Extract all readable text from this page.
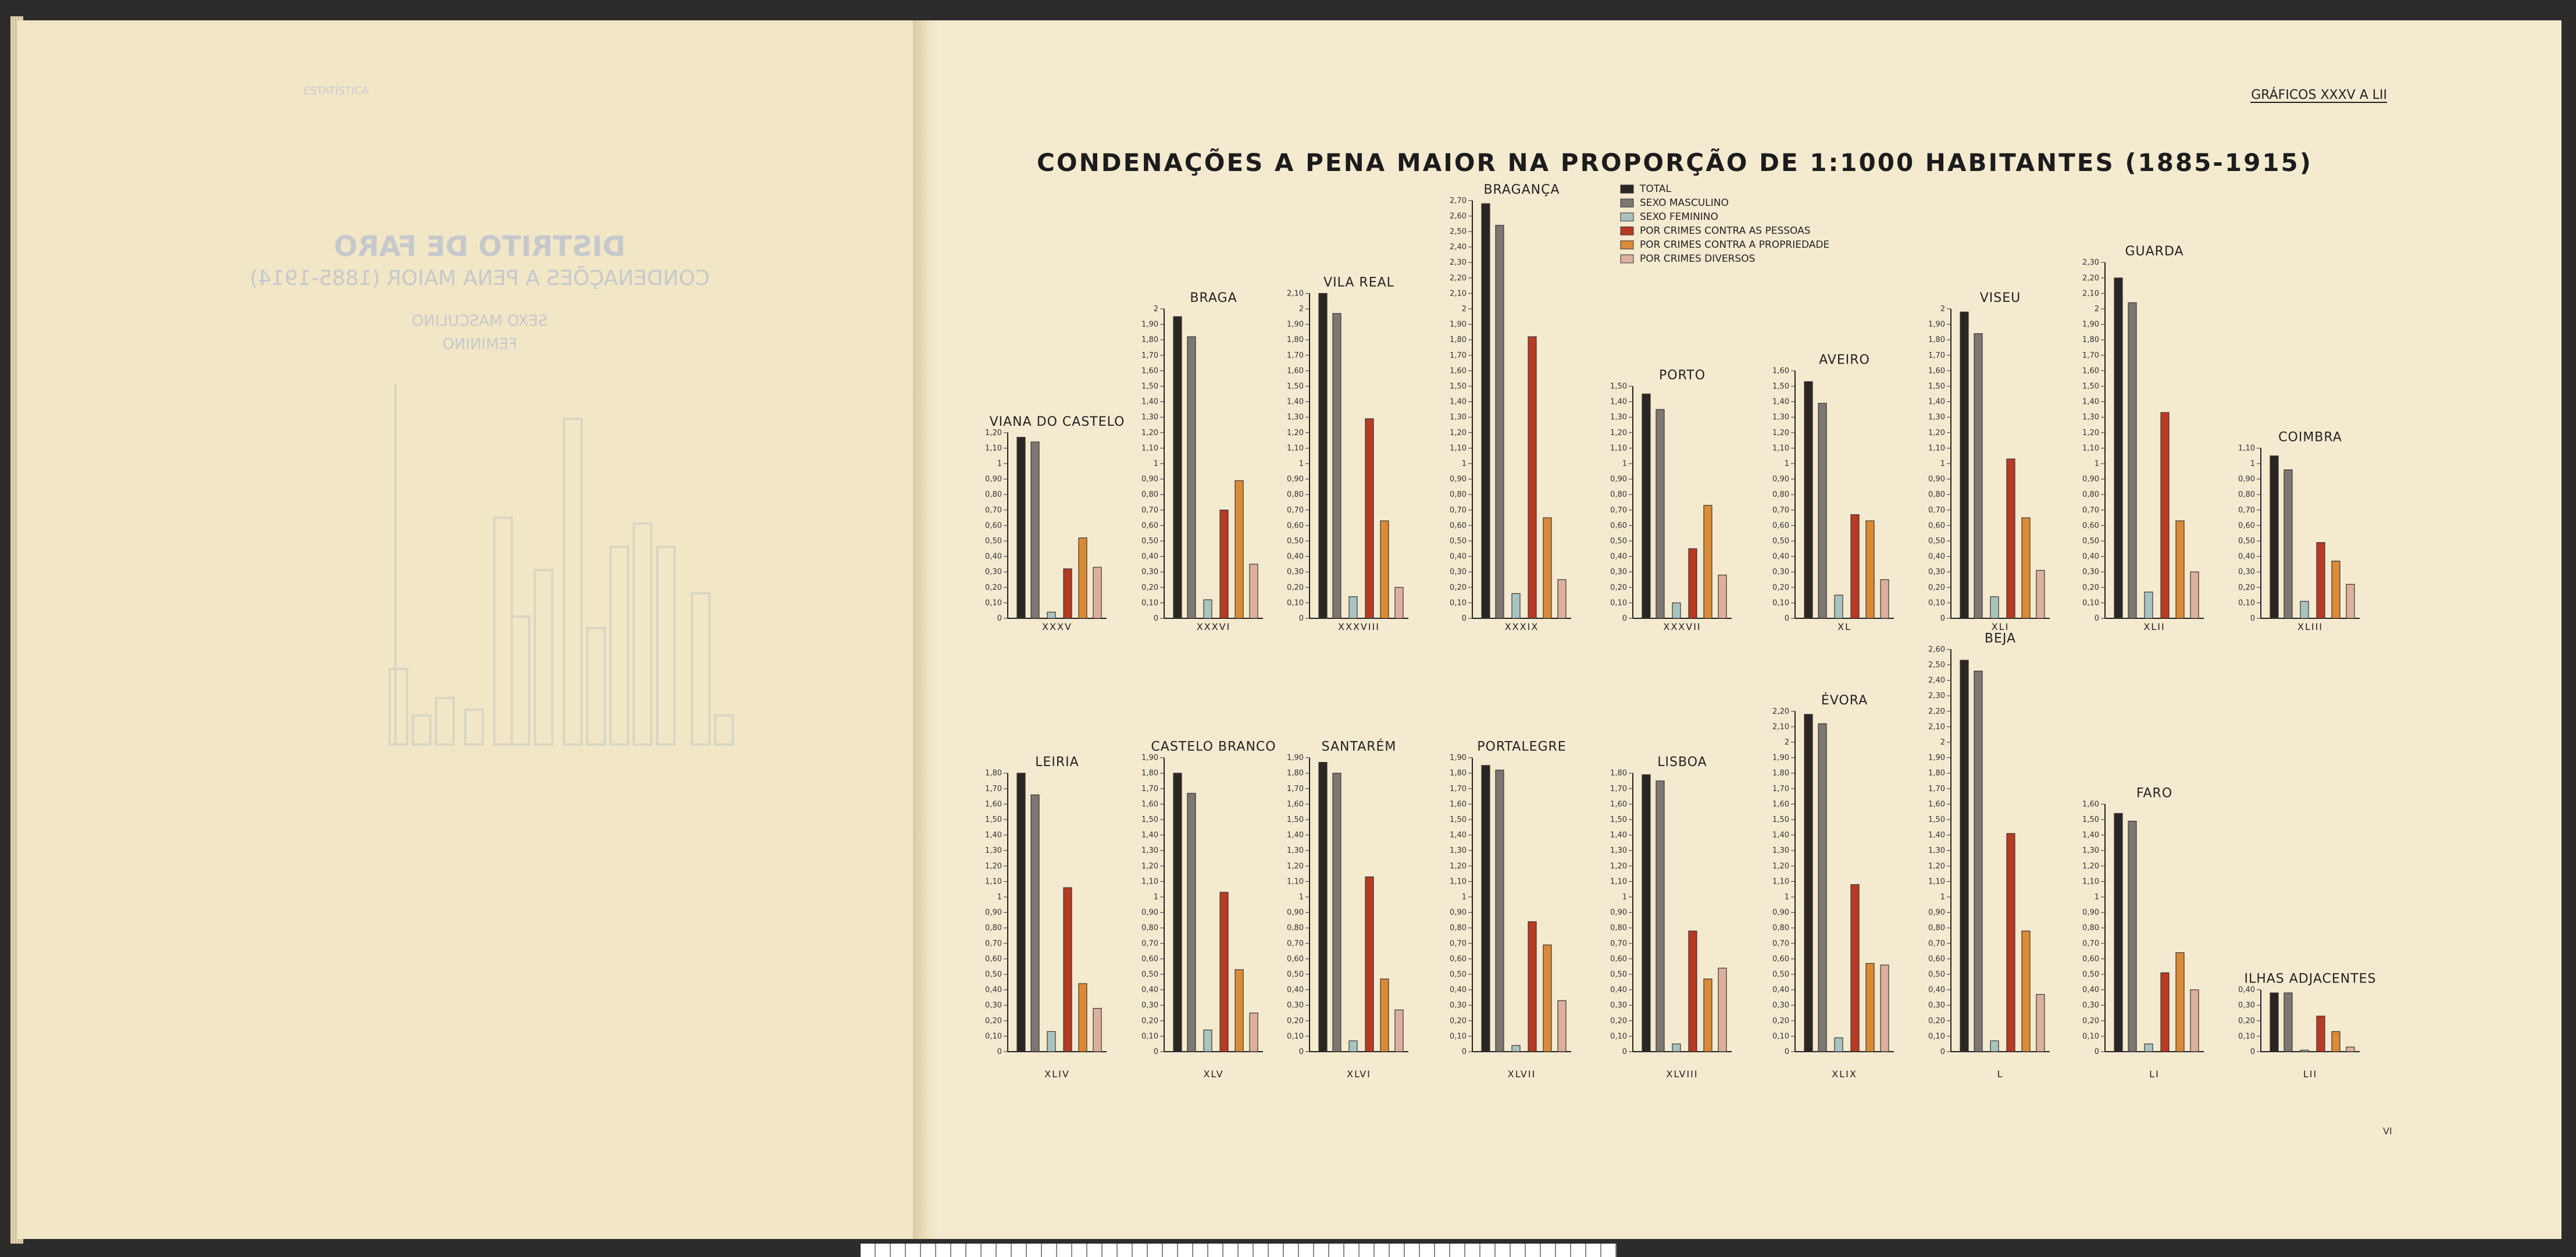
DISTRITO DE FARO
CONDENAÇÕES A PENA MAIOR (1885-1914)
SEXO MASCULINO
FEMININO
ESTATÍSTICA	GRÁFICOS XXXV A LII
CONDENAÇÕES A PENA MAIOR NA PROPORÇÃO DE 1:1000 HABITANTES (1885-1915)
VI
TOTAL
SEXO MASCULINO
SEXO FEMININO
POR CRIMES CONTRA AS PESSOAS
POR CRIMES CONTRA A PROPRIEDADE
POR CRIMES DIVERSOS
0
0,10
0,20
0,30
0,40
0,50
0,60
0,70
0,80
0,90
1
1,10
1,20
VIANA DO CASTELO
XXXV
0
0,10
0,20
0,30
0,40
0,50
0,60
0,70
0,80
0,90
1
1,10
1,20
1,30
1,40
1,50
1,60
1,70
1,80
1,90
2
BRAGA
XXXVI
0
0,10
0,20
0,30
0,40
0,50
0,60
0,70
0,80
0,90
1
1,10
1,20
1,30
1,40
1,50
1,60
1,70
1,80
1,90
2
2,10
VILA REAL
XXXVIII
0
0,10
0,20
0,30
0,40
0,50
0,60
0,70
0,80
0,90
1
1,10
1,20
1,30
1,40
1,50
1,60
1,70
1,80
1,90
2
2,10
2,20
2,30
2,40
2,50
2,60
2,70
BRAGANÇA
XXXIX
0
0,10
0,20
0,30
0,40
0,50
0,60
0,70
0,80
0,90
1
1,10
1,20
1,30
1,40
1,50
PORTO
XXXVII
0
0,10
0,20
0,30
0,40
0,50
0,60
0,70
0,80
0,90
1
1,10
1,20
1,30
1,40
1,50
1,60
AVEIRO
XL
0
0,10
0,20
0,30
0,40
0,50
0,60
0,70
0,80
0,90
1
1,10
1,20
1,30
1,40
1,50
1,60
1,70
1,80
1,90
2
VISEU
XLI
0
0,10
0,20
0,30
0,40
0,50
0,60
0,70
0,80
0,90
1
1,10
1,20
1,30
1,40
1,50
1,60
1,70
1,80
1,90
2
2,10
2,20
2,30
GUARDA
XLII
0
0,10
0,20
0,30
0,40
0,50
0,60
0,70
0,80
0,90
1
1,10
COIMBRA
XLIII
0
0,10
0,20
0,30
0,40
0,50
0,60
0,70
0,80
0,90
1
1,10
1,20
1,30
1,40
1,50
1,60
1,70
1,80
LEIRIA
XLIV
0
0,10
0,20
0,30
0,40
0,50
0,60
0,70
0,80
0,90
1
1,10
1,20
1,30
1,40
1,50
1,60
1,70
1,80
1,90
CASTELO BRANCO
XLV
0
0,10
0,20
0,30
0,40
0,50
0,60
0,70
0,80
0,90
1
1,10
1,20
1,30
1,40
1,50
1,60
1,70
1,80
1,90
SANTARÉM
XLVI
0
0,10
0,20
0,30
0,40
0,50
0,60
0,70
0,80
0,90
1
1,10
1,20
1,30
1,40
1,50
1,60
1,70
1,80
1,90
PORTALEGRE
XLVII
0
0,10
0,20
0,30
0,40
0,50
0,60
0,70
0,80
0,90
1
1,10
1,20
1,30
1,40
1,50
1,60
1,70
1,80
LISBOA
XLVIII
0
0,10
0,20
0,30
0,40
0,50
0,60
0,70
0,80
0,90
1
1,10
1,20
1,30
1,40
1,50
1,60
1,70
1,80
1,90
2
2,10
2,20
ÉVORA
XLIX
0
0,10
0,20
0,30
0,40
0,50
0,60
0,70
0,80
0,90
1
1,10
1,20
1,30
1,40
1,50
1,60
1,70
1,80
1,90
2
2,10
2,20
2,30
2,40
2,50
2,60
BEJA
L
0
0,10
0,20
0,30
0,40
0,50
0,60
0,70
0,80
0,90
1
1,10
1,20
1,30
1,40
1,50
1,60
FARO
LI
0
0,10
0,20
0,30
0,40
ILHAS ADJACENTES
LII
